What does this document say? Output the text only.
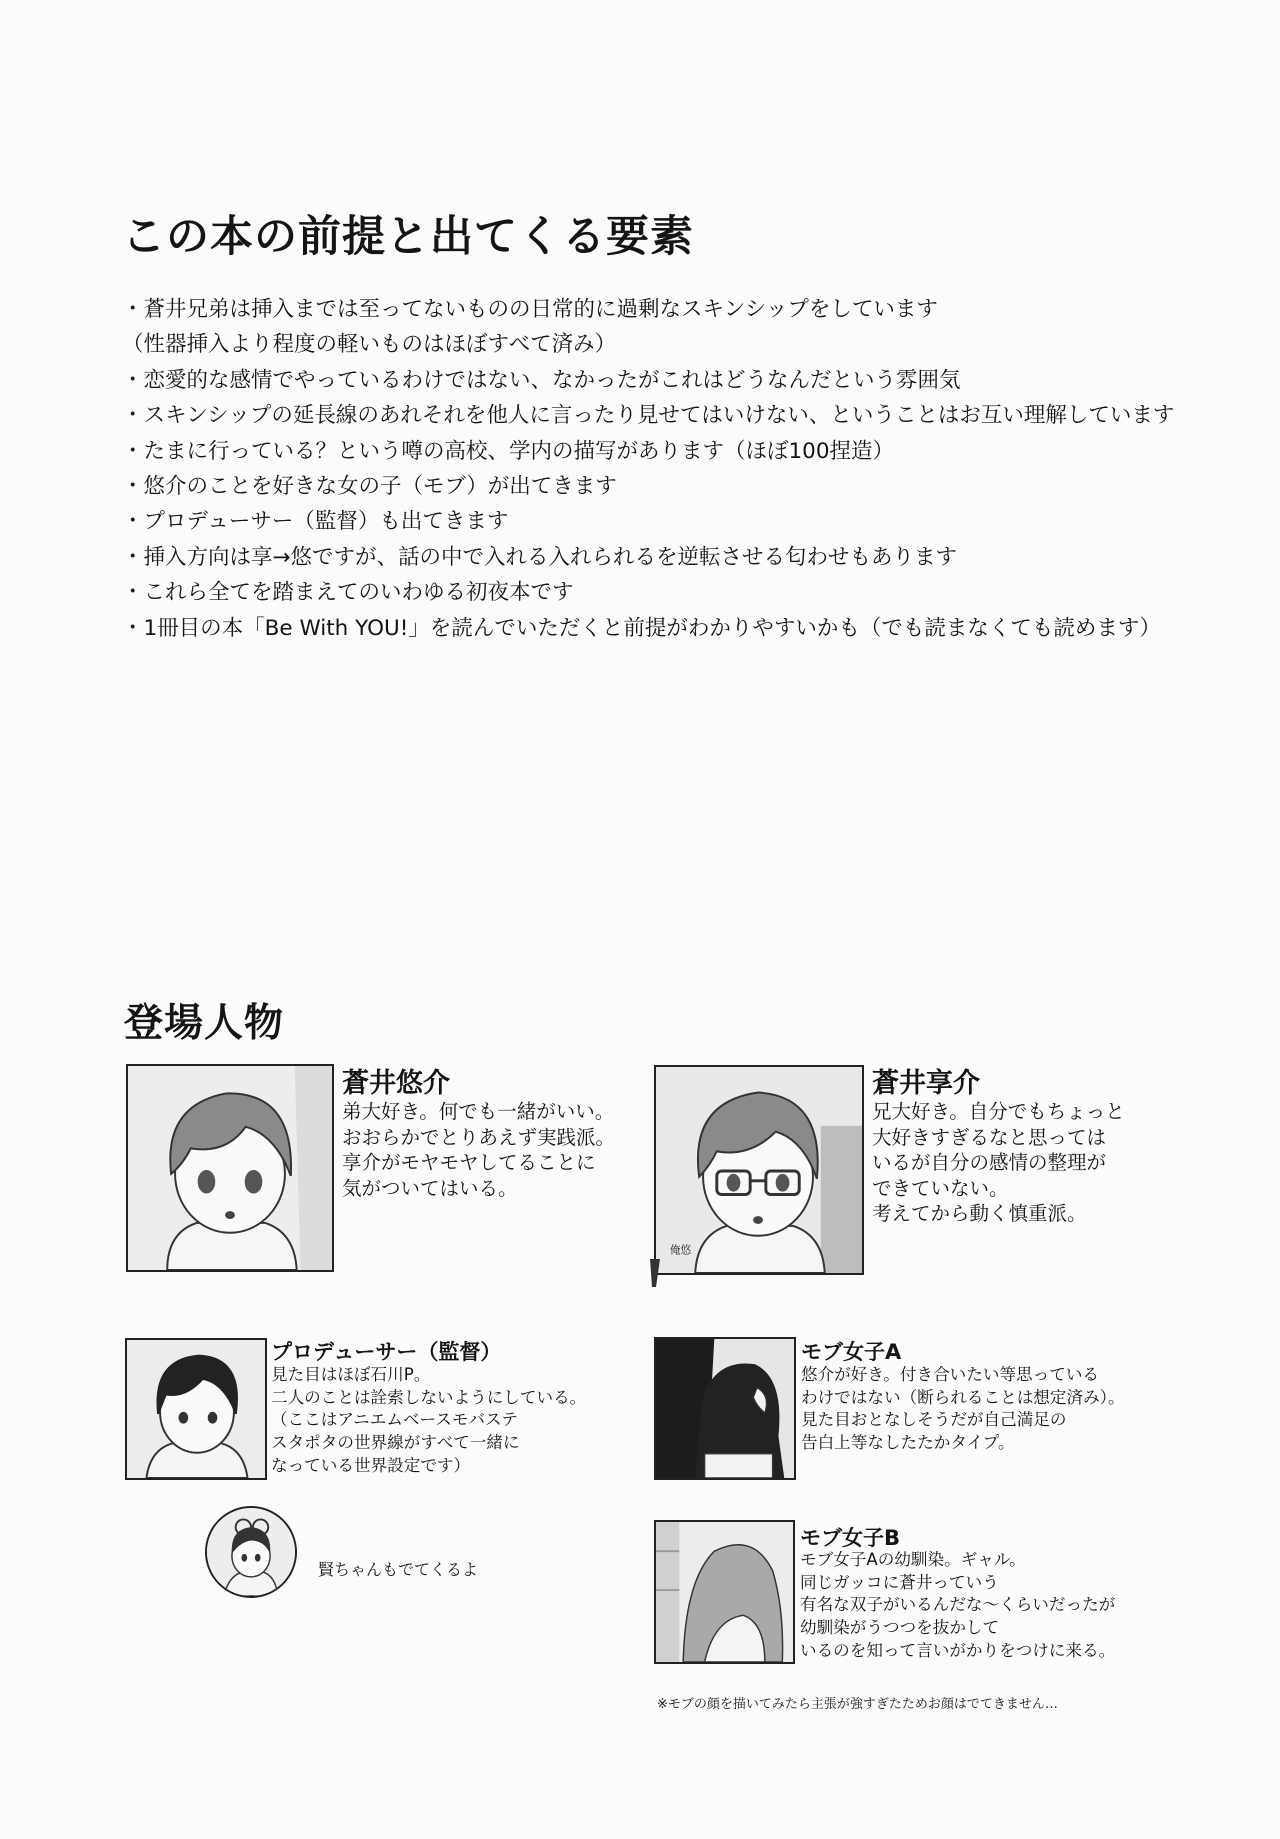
この本の前提と出てくる要素
・蒼井兄弟は挿入までは至ってないものの日常的に過剰なスキンシップをしています
（性器挿入より程度の軽いものはほぼすべて済み）
・恋愛的な感情でやっているわけではない、なかったがこれはどうなんだという雰囲気
・スキンシップの延長線のあれそれを他人に言ったり見せてはいけない、ということはお互い理解しています
・たまに行っている？という噂の高校、学内の描写があります（ほぼ100捏造）
・悠介のことを好きな女の子（モブ）が出てきます
・プロデューサー（監督）も出てきます
・挿入方向は享→悠ですが、話の中で入れる入れられるを逆転させる匂わせもあります
・これら全てを踏まえてのいわゆる初夜本です
・1冊目の本「Be With YOU!」を読んでいただくと前提がわかりやすいかも（でも読まなくても読めます）
登場人物
蒼井悠介
弟大好き。何でも一緒がいい。
おおらかでとりあえず実践派。
享介がモヤモヤしてることに
気がついてはいる。
俺悠
蒼井享介
兄大好き。自分でもちょっと
大好きすぎるなと思っては
いるが自分の感情の整理が
できていない。
考えてから動く慎重派。
プロデューサー（監督）
見た目はほぼ石川P。
二人のことは詮索しないようにしている。
（ここはアニエムベースモバステ
スタポタの世界線がすべて一緒に
なっている世界設定です）
モブ女子A
悠介が好き。付き合いたい等思っている
わけではない（断られることは想定済み）。
見た目おとなしそうだが自己満足の
告白上等なしたたかタイプ。
モブ女子B
モブ女子Aの幼馴染。ギャル。
同じガッコに蒼井っていう
有名な双子がいるんだな〜くらいだったが
幼馴染がうつつを抜かして
いるのを知って言いがかりをつけに来る。

賢ちゃんもでてくるよ

※モブの顔を描いてみたら主張が強すぎたためお顔はでてきません…
